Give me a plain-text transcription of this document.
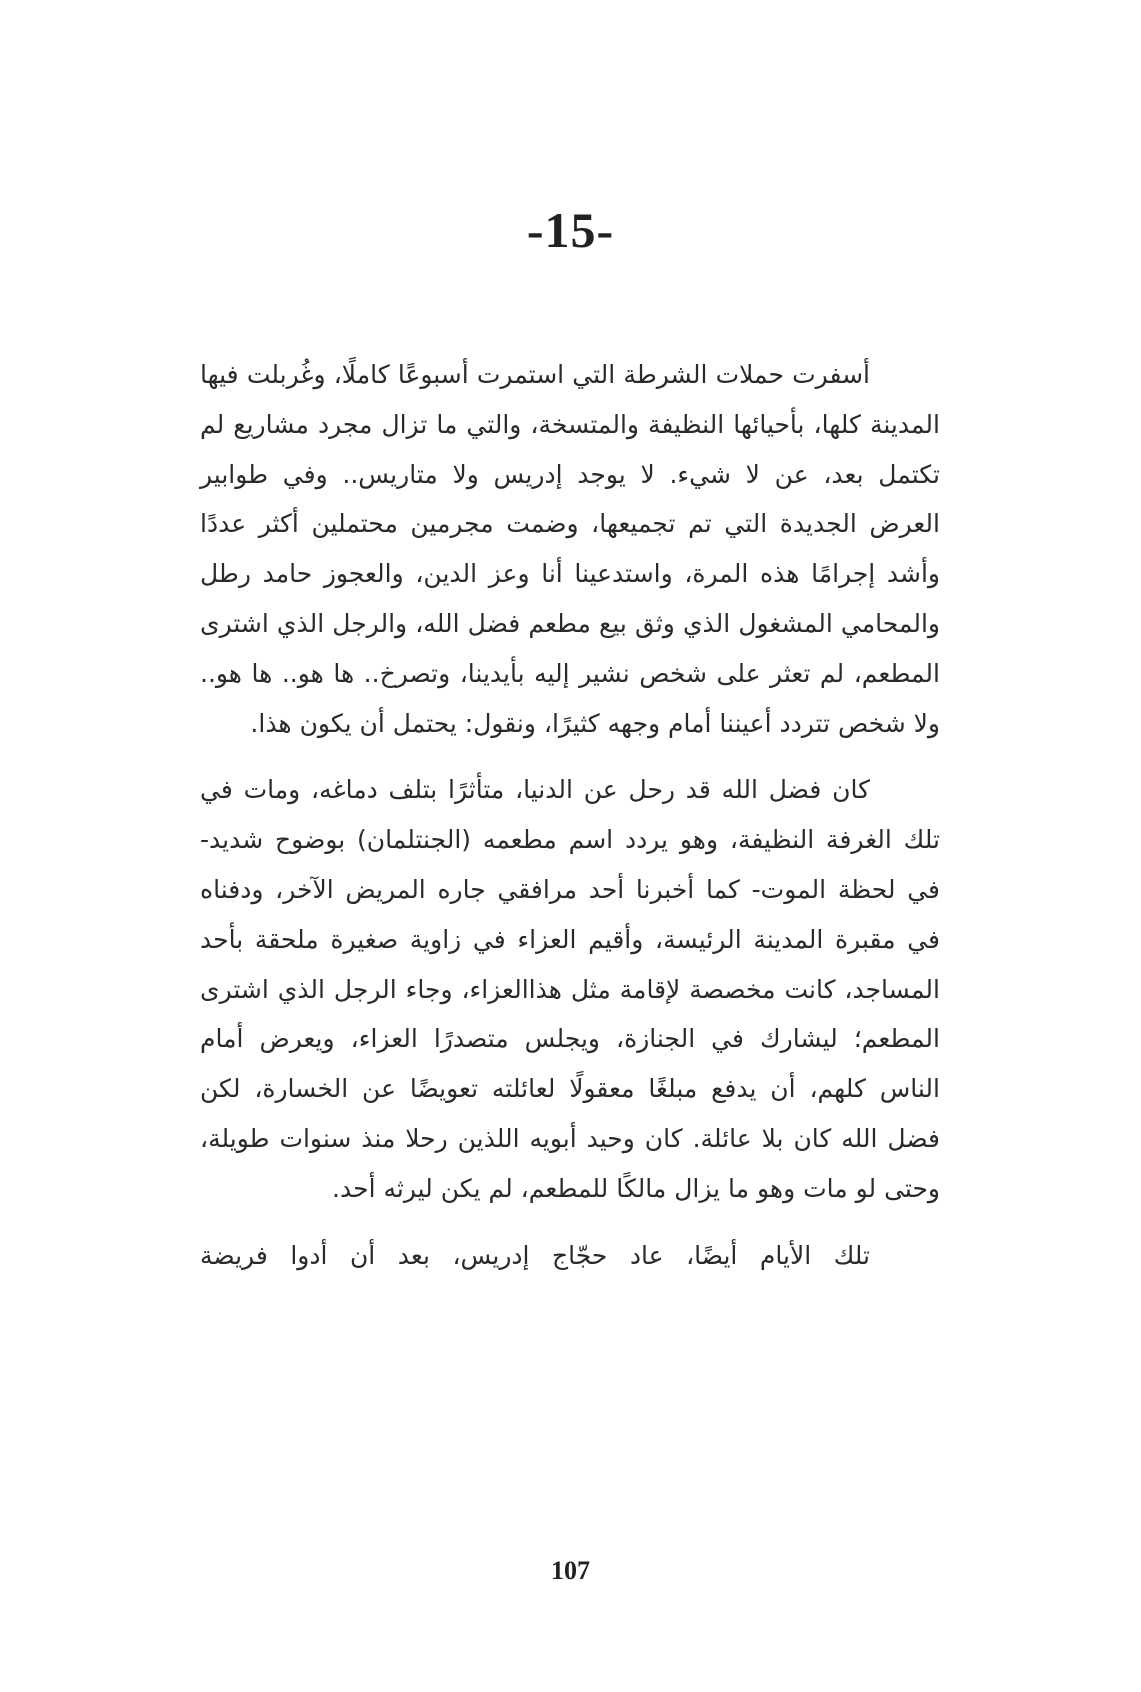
-15-

أسفرت حملات الشرطة التي استمرت أسبوعًا كاملًا، وغُربلت فيها المدينة كلها، بأحيائها النظيفة والمتسخة، والتي ما تزال مجرد مشاريع لم تكتمل بعد، عن لا شيء. لا يوجد إدريس ولا متاريس.. وفي طوابير العرض الجديدة التي تم تجميعها، وضمت مجرمين محتملين أكثر عددًا وأشد إجرامًا هذه المرة، واستدعينا أنا وعز الدين، والعجوز حامد رطل والمحامي المشغول الذي وثق بيع مطعم فضل الله، والرجل الذي اشترى المطعم، لم تعثر على شخص نشير إليه بأيدينا، وتصرخ.. ها هو.. ها هو.. ولا شخص تتردد أعيننا أمام وجهه كثيرًا، ونقول: يحتمل أن يكون هذا.

كان فضل الله قد رحل عن الدنيا، متأثرًا بتلف دماغه، ومات في تلك الغرفة النظيفة، وهو يردد اسم مطعمه (الجنتلمان) بوضوح شديد- في لحظة الموت- كما أخبرنا أحد مرافقي جاره المريض الآخر، ودفناه في مقبرة المدينة الرئيسة، وأقيم العزاء في زاوية صغيرة ملحقة بأحد المساجد، كانت مخصصة لإقامة مثل هذاالعزاء، وجاء الرجل الذي اشترى المطعم؛ ليشارك في الجنازة، ويجلس متصدرًا العزاء، ويعرض أمام الناس كلهم، أن يدفع مبلغًا معقولًا لعائلته تعويضًا عن الخسارة، لكن فضل الله كان بلا عائلة. كان وحيد أبويه اللذين رحلا منذ سنوات طويلة، وحتى لو مات وهو ما يزال مالكًا للمطعم، لم يكن ليرثه أحد.

تلك الأيام أيضًا، عاد حجّاج إدريس، بعد أن أدوا فريضة

107
